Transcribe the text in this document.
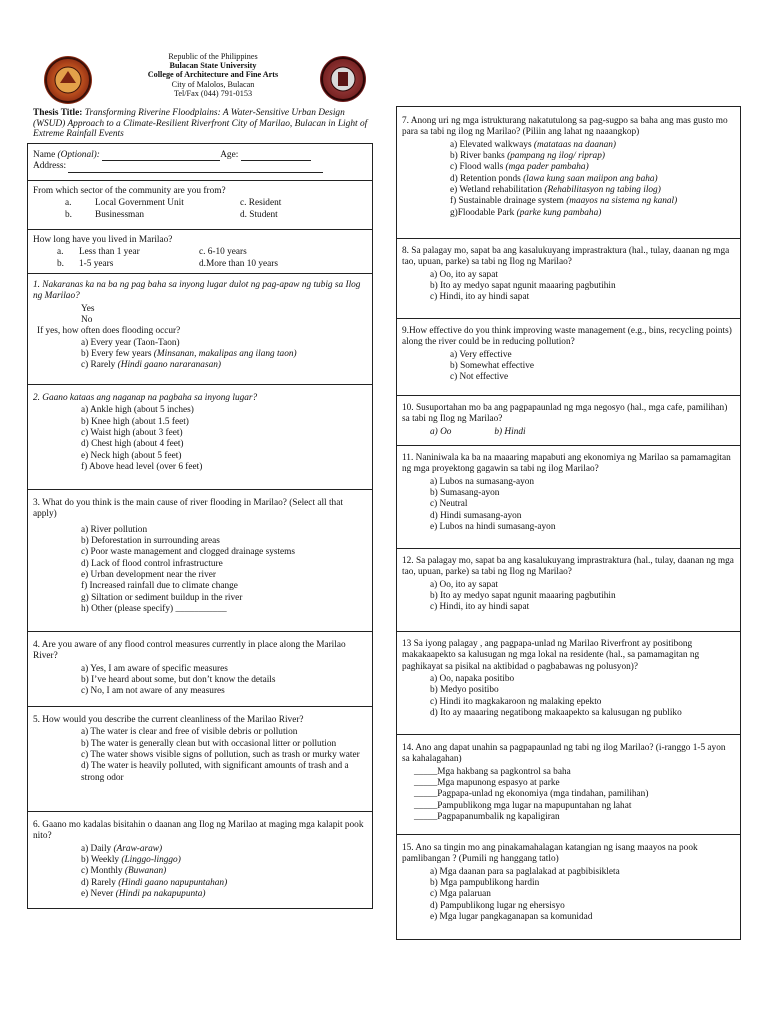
Republic of the Philippines
Bulacan State University
College of Architecture and Fine Arts
City of Malolos, Bulacan
Tel/Fax (044) 791-0153
Thesis Title: Transforming Riverine Floodplains: A Water-Sensitive Urban Design (WSUD) Approach to a Climate-Resilient Riverfront City of Marilao, Bulacan in Light of Extreme Rainfall Events
Name (Optional):	Age:
Address:
From which sector of the community are you from?
a.	Local Government Unit	c. Resident
b.	Businessman	d. Student
How long have you lived in Marilao?
a.	Less than 1 year	c. 6-10 years
b.	1-5 years	d.More than 10 years
1. Nakaranas ka na ba ng pag baha sa inyong lugar dulot ng pag-apaw ng tubig sa Ilog ng Marilao?
Yes
No
If yes, how often does flooding occur?
a) Every year (Taon-Taon)
b) Every few years (Minsanan, makalipas ang ilang taon)
c) Rarely (Hindi gaano nararanasan)
2. Gaano kataas ang naganap na pagbaha sa inyong lugar?
a) Ankle high (about 5 inches)
b) Knee high (about 1.5 feet)
c) Waist high (about 3 feet)
d) Chest high (about 4 feet)
e) Neck high (about 5 feet)
f) Above head level (over 6 feet)
3. What do you think is the main cause of river flooding in Marilao? (Select all that apply)
a) River pollution
b) Deforestation in surrounding areas
c) Poor waste management and clogged drainage systems
d) Lack of flood control infrastructure
e) Urban development near the river
f) Increased rainfall due to climate change
g) Siltation or sediment buildup in the river
h) Other (please specify) ___________
4. Are you aware of any flood control measures currently in place along the Marilao River?
a) Yes, I am aware of specific measures
b) I’ve heard about some, but don’t know the details
c) No, I am not aware of any measures
5. How would you describe the current cleanliness of the Marilao River?
a) The water is clear and free of visible debris or pollution
b) The water is generally clean but with occasional litter or pollution
c) The water shows visible signs of pollution, such as trash or murky water
d) The water is heavily polluted, with significant amounts of trash and a strong odor
6. Gaano mo kadalas bisitahin o daanan ang Ilog ng Marilao at maging mga kalapit pook nito?
a) Daily (Araw-araw)
b) Weekly (Linggo-linggo)
c) Monthly (Buwanan)
d) Rarely (Hindi gaano napupuntahan)
e) Never (Hindi pa nakapupunta)
7. Anong uri ng mga istrukturang nakatutulong sa pag-sugpo sa baha ang mas gusto mo para sa tabi ng ilog ng Marilao? (Piliin ang lahat ng naaangkop)
a) Elevated walkways (matataas na daanan)
b) River banks (pampang ng ilog/ riprap)
c) Flood walls (mga pader pambaha)
d) Retention ponds (lawa kung saan maiipon ang baha)
e) Wetland rehabilitation (Rehabilitasyon ng tabing ilog)
f) Sustainable drainage system (maayos na sistema ng kanal)
g)Floodable Park (parke kung pambaha)
8. Sa palagay mo, sapat ba ang kasalukuyang imprastraktura (hal., tulay, daanan ng mga tao, upuan, parke) sa tabi ng Ilog ng Marilao?
a) Oo, ito ay sapat
b) Ito ay medyo sapat ngunit maaaring pagbutihin
c) Hindi, ito ay hindi sapat
9.How effective do you think improving waste management (e.g., bins, recycling points) along the river could be in reducing pollution?
a) Very effective
b) Somewhat effective
c) Not effective
10. Susuportahan mo ba ang pagpapaunlad ng mga negosyo (hal., mga cafe, pamilihan) sa tabi ng Ilog ng Marilao?
a) Oo	b) Hindi
11. Naniniwala ka ba na maaaring mapabuti ang ekonomiya ng Marilao sa pamamagitan ng mga proyektong gagawin sa tabi ng ilog Marilao?
a) Lubos na sumasang-ayon
b) Sumasang-ayon
c) Neutral
d) Hindi sumasang-ayon
e) Lubos na hindi sumasang-ayon
12. Sa palagay mo, sapat ba ang kasalukuyang imprastraktura (hal., tulay, daanan ng mga tao, upuan, parke) sa tabi ng Ilog ng Marilao?
a) Oo, ito ay sapat
b) Ito ay medyo sapat ngunit maaaring pagbutihin
c) Hindi, ito ay hindi sapat
13 Sa iyong palagay , ang pagpapa-unlad ng Marilao Riverfront ay positibong makakaapekto sa kalusugan ng mga lokal na residente (hal., sa pamamagitan ng paghikayat sa pisikal na aktibidad o pagbabawas ng polusyon)?
a) Oo, napaka positibo
b) Medyo positibo
c) Hindi ito magkakaroon ng malaking epekto
d) Ito ay maaaring negatibong makaapekto sa kalusugan ng publiko
14. Ano ang dapat unahin sa pagpapaunlad ng tabi ng ilog Marilao? (i-ranggo 1-5 ayon sa kahalagahan)
_____Mga hakbang sa pagkontrol sa baha
_____Mga mapunong espasyo at parke
_____Pagpapa-unlad ng ekonomiya (mga tindahan, pamilihan)
_____Pampublikong mga lugar na mapupuntahan ng lahat
_____Pagpapanumbalik ng kapaligiran
15. Ano sa tingin mo ang pinakamahalagan katangian ng isang maayos na pook pamlibangan ? (Pumili ng hanggang tatlo)
a) Mga daanan para sa paglalakad at pagbibisikleta
b) Mga pampublikong hardin
c) Mga palaruan
d) Pampublikong lugar ng ehersisyo
e) Mga lugar pangkaganapan sa komunidad
